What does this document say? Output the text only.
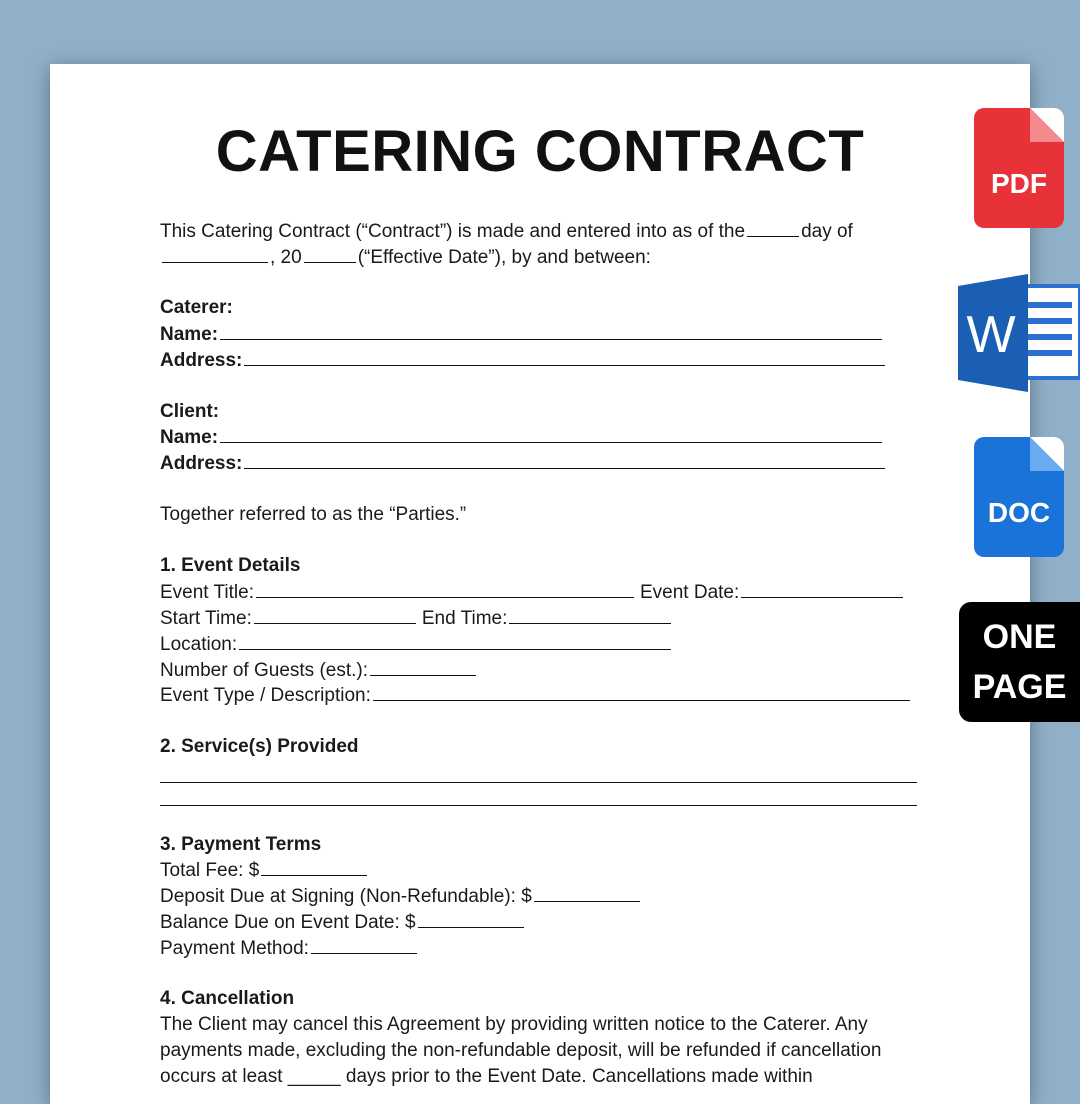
CATERING CONTRACT
This Catering Contract (“Contract”) is made and entered into as of the	day of
, 20	(“Effective Date”), by and between:
Caterer:
Name:
Address:
Client:
Name:
Address:
Together referred to as the “Parties.”
1. Event Details
Event Title:	Event Date:
Start Time:	End Time:
Location:
Number of Guests (est.):
Event Type / Description:
2. Service(s) Provided
3. Payment Terms
Total Fee: $
Deposit Due at Signing (Non-Refundable): $
Balance Due on Event Date: $
Payment Method:
4. Cancellation
The Client may cancel this Agreement by providing written notice to the Caterer. Any
payments made, excluding the non-refundable deposit, will be refunded if cancellation
occurs at least _____ days prior to the Event Date. Cancellations made within
PDF
W
DOC
ONE
PAGE
